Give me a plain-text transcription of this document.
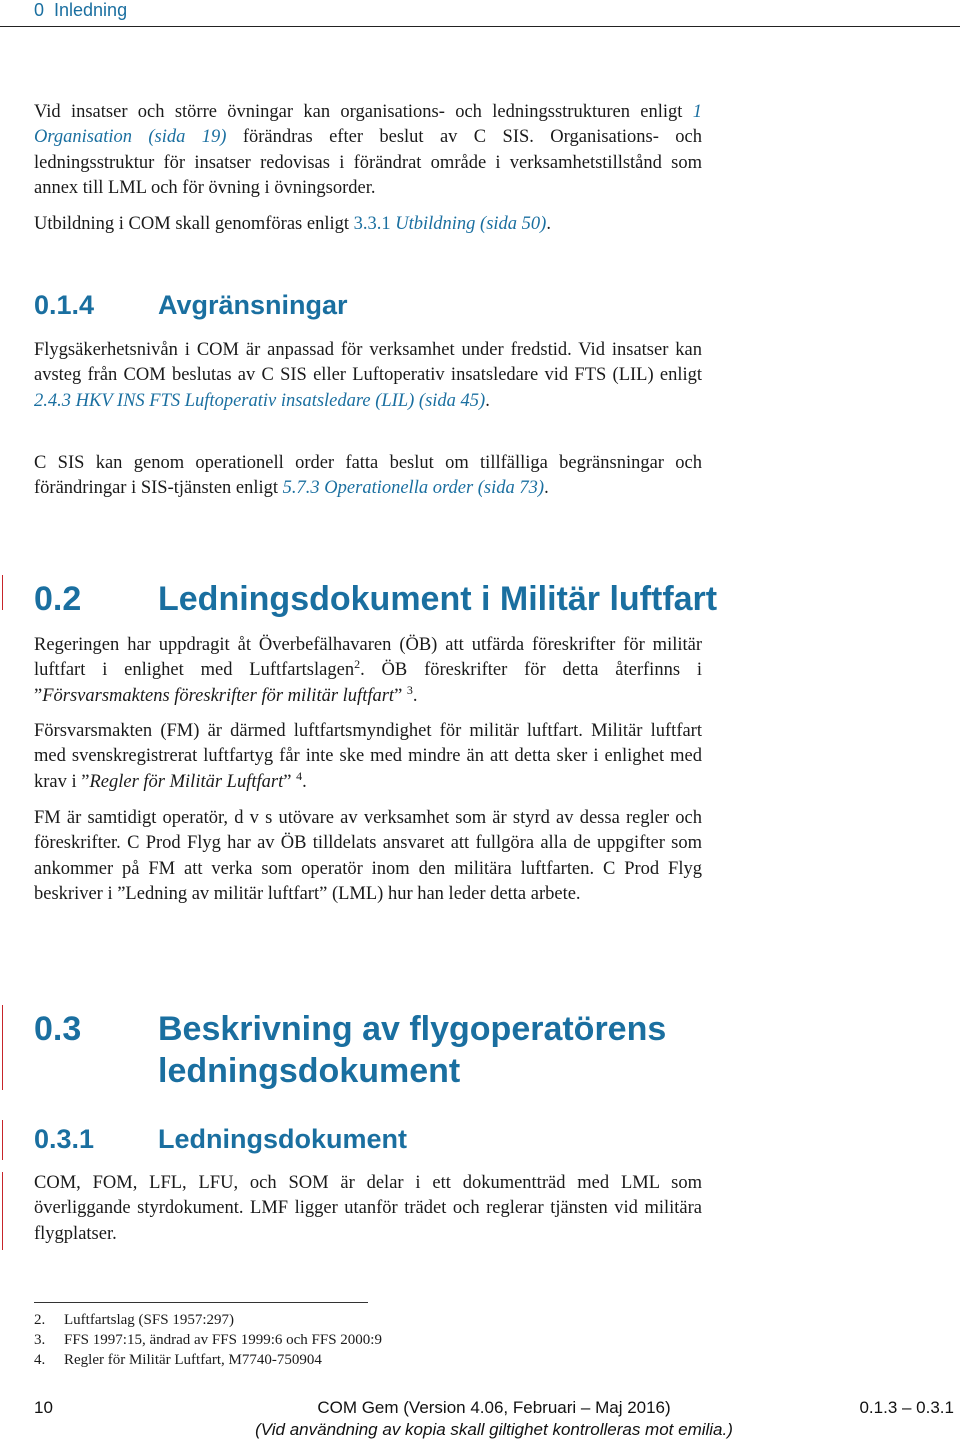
0 Inledning

Vid insatser och större övningar kan organisations- och ledningsstrukturen enligt 1 Organisation (sida 19) förändras efter beslut av C SIS. Organisations- och ledningsstruktur för insatser redovisas i förändrat område i verksamhetstillstånd som annex till LML och för övning i övningsorder.

Utbildning i COM skall genomföras enligt 3.3.1 Utbildning (sida 50).

0.1.4 Avgränsningar

Flygsäkerhetsnivån i COM är anpassad för verksamhet under fredstid. Vid insatser kan avsteg från COM beslutas av C SIS eller Luftoperativ insatsledare vid FTS (LIL) enligt 2.4.3 HKV INS FTS Luftoperativ insatsledare (LIL) (sida 45).

C SIS kan genom operationell order fatta beslut om tillfälliga begränsningar och förändringar i SIS-tjänsten enligt 5.7.3 Operationella order (sida 73).

0.2 Ledningsdokument i Militär luftfart

Regeringen har uppdragit åt Överbefälhavaren (ÖB) att utfärda föreskrifter för militär luftfart i enlighet med Luftfartslagen$^2$. ÖB föreskrifter för detta återfinns i ”Försvarsmaktens föreskrifter för militär luftfart” $^3$.

Försvarsmakten (FM) är därmed luftfartsmyndighet för militär luftfart. Militär luftfart med svenskregistrerat luftfartyg får inte ske med mindre än att detta sker i enlighet med krav i ”Regler för Militär Luftfart” $^4$.

FM är samtidigt operatör, d v s utövare av verksamhet som är styrd av dessa regler och föreskrifter. C Prod Flyg har av ÖB tilldelats ansvaret att fullgöra alla de uppgifter som ankommer på FM att verka som operatör inom den militära luftfarten. C Prod Flyg beskriver i ”Ledning av militär luftfart” (LML) hur han leder detta arbete.

0.3 Beskrivning av flygoperatörens
ledningsdokument
0.3.1 Ledningsdokument

COM, FOM, LFL, LFU, och SOM är delar i ett dokumentträd med LML som överliggande styrdokument. LMF ligger utanför trädet och reglerar tjänsten vid militära flygplatser.

2.	Luftfartslag (SFS 1957:297)
3.	FFS 1997:15, ändrad av FFS 1999:6 och FFS 2000:9
4.	Regler för Militär Luftfart, M7740-750904
COM Gem (Version 4.06, Februari – Maj 2016)
10	0.1.3 – 0.3.1
(Vid användning av kopia skall giltighet kontrolleras mot emilia.)
